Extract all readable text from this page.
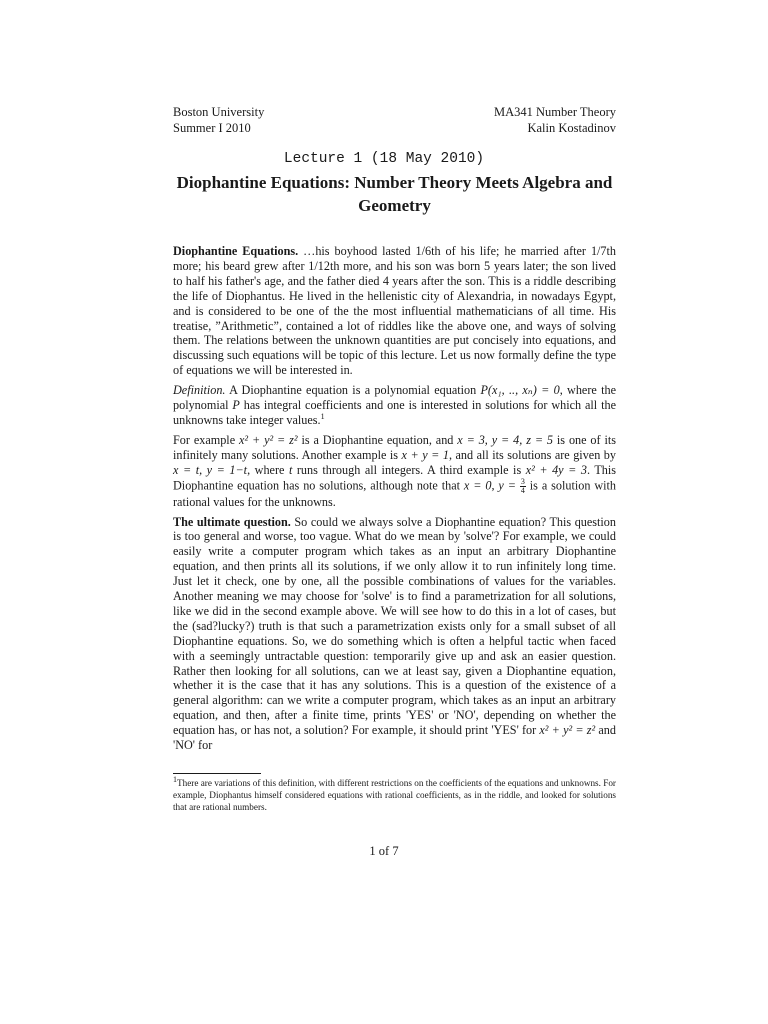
Boston University
Summer I 2010
MA341 Number Theory
Kalin Kostadinov
Lecture 1 (18 May 2010)
Diophantine Equations: Number Theory Meets Algebra and Geometry

Diophantine Equations. …his boyhood lasted 1/6th of his life; he married after 1/7th more; his beard grew after 1/12th more, and his son was born 5 years later; the son lived to half his father's age, and the father died 4 years after the son. This is a riddle describing the life of Diophantus. He lived in the hellenistic city of Alexandria, in nowadays Egypt, and is considered to be one of the the most influential mathematicians of all time. His treatise, ”Arithmetic”, contained a lot of riddles like the above one, and ways of solving them. The relations between the unknown quantities are put concisely into equations, and discussing such equations will be topic of this lecture. Let us now formally define the type of equations we will be interested in.

Definition. A Diophantine equation is a polynomial equation P(x₁, .., xₙ) = 0, where the polynomial P has integral coefficients and one is interested in solutions for which all the unknowns take integer values.$^1$

For example x² + y² = z² is a Diophantine equation, and x = 3, y = 4, z = 5 is one of its infinitely many solutions. Another example is x + y = 1, and all its solutions are given by x = t, y = 1−t, where t runs through all integers. A third example is x² + 4y = 3. This Diophantine equation has no solutions, although note that x = 0, $y = \frac{3}{4}$ is a solution with rational values for the unknowns.

The ultimate question. So could we always solve a Diophantine equation? This question is too general and worse, too vague. What do we mean by 'solve'? For example, we could easily write a computer program which takes as an input an arbitrary Diophantine equation, and then prints all its solutions, if we only allow it to run infinitely long time. Just let it check, one by one, all the possible combinations of values for the variables. Another meaning we may choose for 'solve' is to find a parametrization for all solutions, like we did in the second example above. We will see how to do this in a lot of cases, but the (sad?lucky?) truth is that such a parametrization exists only for a small subset of all Diophantine equations. So, we do something which is often a helpful tactic when faced with a seemingly untractable question: temporarily give up and ask an easier question. Rather then looking for all solutions, can we at least say, given a Diophantine equation, whether it is the case that it has any solutions. This is a question of the existence of a general algorithm: can we write a computer program, which takes as an input an arbitrary equation, and then, after a finite time, prints 'YES' or 'NO', depending on whether the equation has, or has not, a solution? For example, it should print 'YES' for x² + y² = z² and 'NO' for

$^1$There are variations of this definition, with different restrictions on the coefficients of the equations and unknowns. For example, Diophantus himself considered equations with rational coefficients, as in the riddle, and looked for solutions that are rational numbers.
1 of 7
